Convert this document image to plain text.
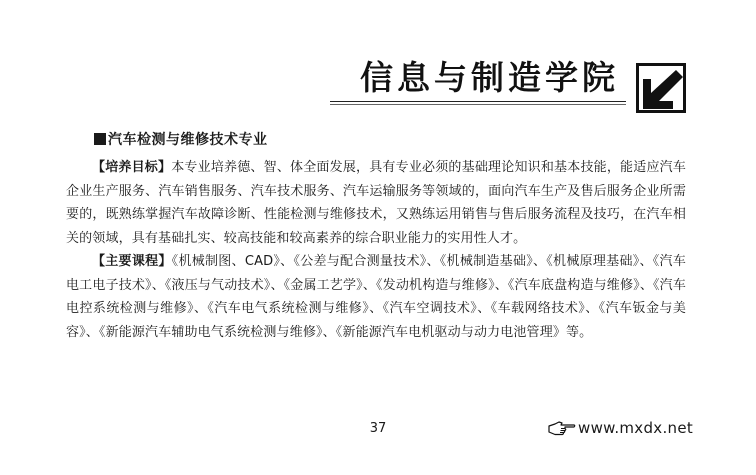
信息与制造学院
汽车检测与维修技术专业

【培养目标】本专业培养德、智、体全面发展，具有专业必须的基础理论知识和基本技能，能适应汽车企业生产服务、汽车销售服务、汽车技术服务、汽车运输服务等领域的，面向汽车生产及售后服务企业所需要的，既熟练掌握汽车故障诊断、性能检测与维修技术，又熟练运用销售与售后服务流程及技巧，在汽车相关的领域，具有基础扎实、较高技能和较高素养的综合职业能力的实用性人才。

【主要课程】《机械制图、CAD》、《公差与配合测量技术》、《机械制造基础》、《机械原理基础》、《汽车电工电子技术》、《液压与气动技术》、《金属工艺学》、《发动机构造与维修》、《汽车底盘构造与维修》、《汽车电控系统检测与维修》、《汽车电气系统检测与维修》、《汽车空调技术》、《车载网络技术》、《汽车钣金与美容》、《新能源汽车辅助电气系统检测与维修》、《新能源汽车电机驱动与动力电池管理》等。

37	www.mxdx.net
